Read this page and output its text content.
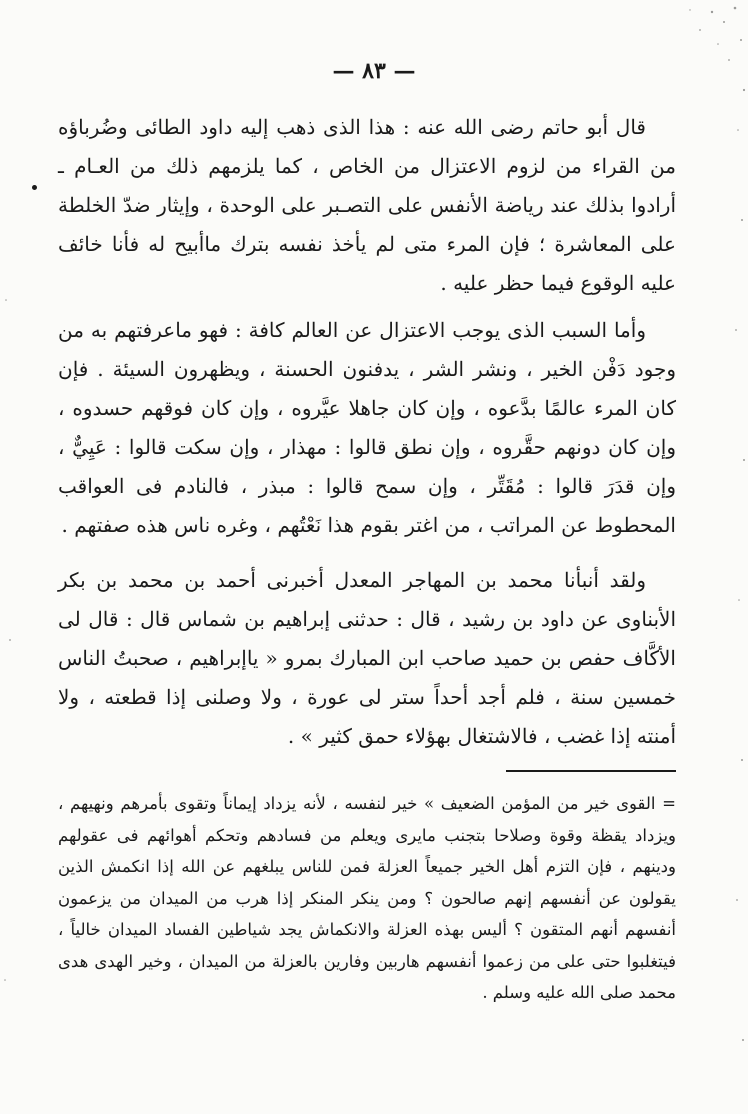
— ٨٣ —

قال أبو حاتم رضى الله عنه : هذا الذى ذهب إليه داود الطائى وضُرباؤه من القراء من لزوم الاعتزال من الخاص ، كما يلزمهم ذلك من العـام ـ أرادوا بذلك عند رياضة الأنفس على التصـبر على الوحدة ، وإيثار ضدّ الخلطة على المعاشرة ؛ فإن المرء متى لم يأخذ نفسه بترك ماأبيح له فأنا خائف عليه الوقوع فيما حظر عليه .

وأما السبب الذى يوجب الاعتزال عن العالم كافة : فهو ماعرفتهم به من وجود دَفْن الخير ، ونشر الشر ، يدفنون الحسنة ، ويظهرون السيئة . فإن كان المرء عالمًا بدَّعوه ، وإن كان جاهلا عيَّروه ، وإن كان فوقهم حسدوه ، وإن كان دونهم حقَّروه ، وإن نطق قالوا : مهذار ، وإن سكت قالوا : عَيِيٌّ ، وإن قدَرَ قالوا : مُقَتِّر ، وإن سمح قالوا : مبذر ، فالنادم فى العواقب المحطوط عن المراتب ، من اغتر بقوم هذا نَعْتُهم ، وغره ناس هذه صفتهم .

ولقد أنبأنا محمد بن المهاجر المعدل أخبرنى أحمد بن محمد بن بكر الأبناوى عن داود بن رشيد ، قال : حدثنى إبراهيم بن شماس قال : قال لى الأكَّاف حفص بن حميد صاحب ابن المبارك بمرو « ياإبراهيم ، صحبتُ الناس خمسين سنة ، فلم أجد أحداً ستر لى عورة ، ولا وصلنى إذا قطعته ، ولا أمنته إذا غضب ، فالاشتغال بهؤلاء حمق كثير » .

= القوى خير من المؤمن الضعيف » خير لنفسه ، لأنه يزداد إيماناً وتقوى بأمرهم ونهيهم ، ويزداد يقظة وقوة وصلاحا بتجنب مايرى ويعلم من فسادهم وتحكم أهوائهم فى عقولهم ودينهم ، فإن التزم أهل الخير جميعاً العزلة فمن للناس يبلغهم عن الله إذا انكمش الذين يقولون عن أنفسهم إنهم صالحون ؟ ومن ينكر المنكر إذا هرب من الميدان من يزعمون أنفسهم أنهم المتقون ؟ أليس بهذه العزلة والانكماش يجد شياطين الفساد الميدان خالياً ، فيتغلبوا حتى على من زعموا أنفسهم هاربين وفارين بالعزلة من الميدان ، وخير الهدى هدى محمد صلى الله عليه وسلم .
